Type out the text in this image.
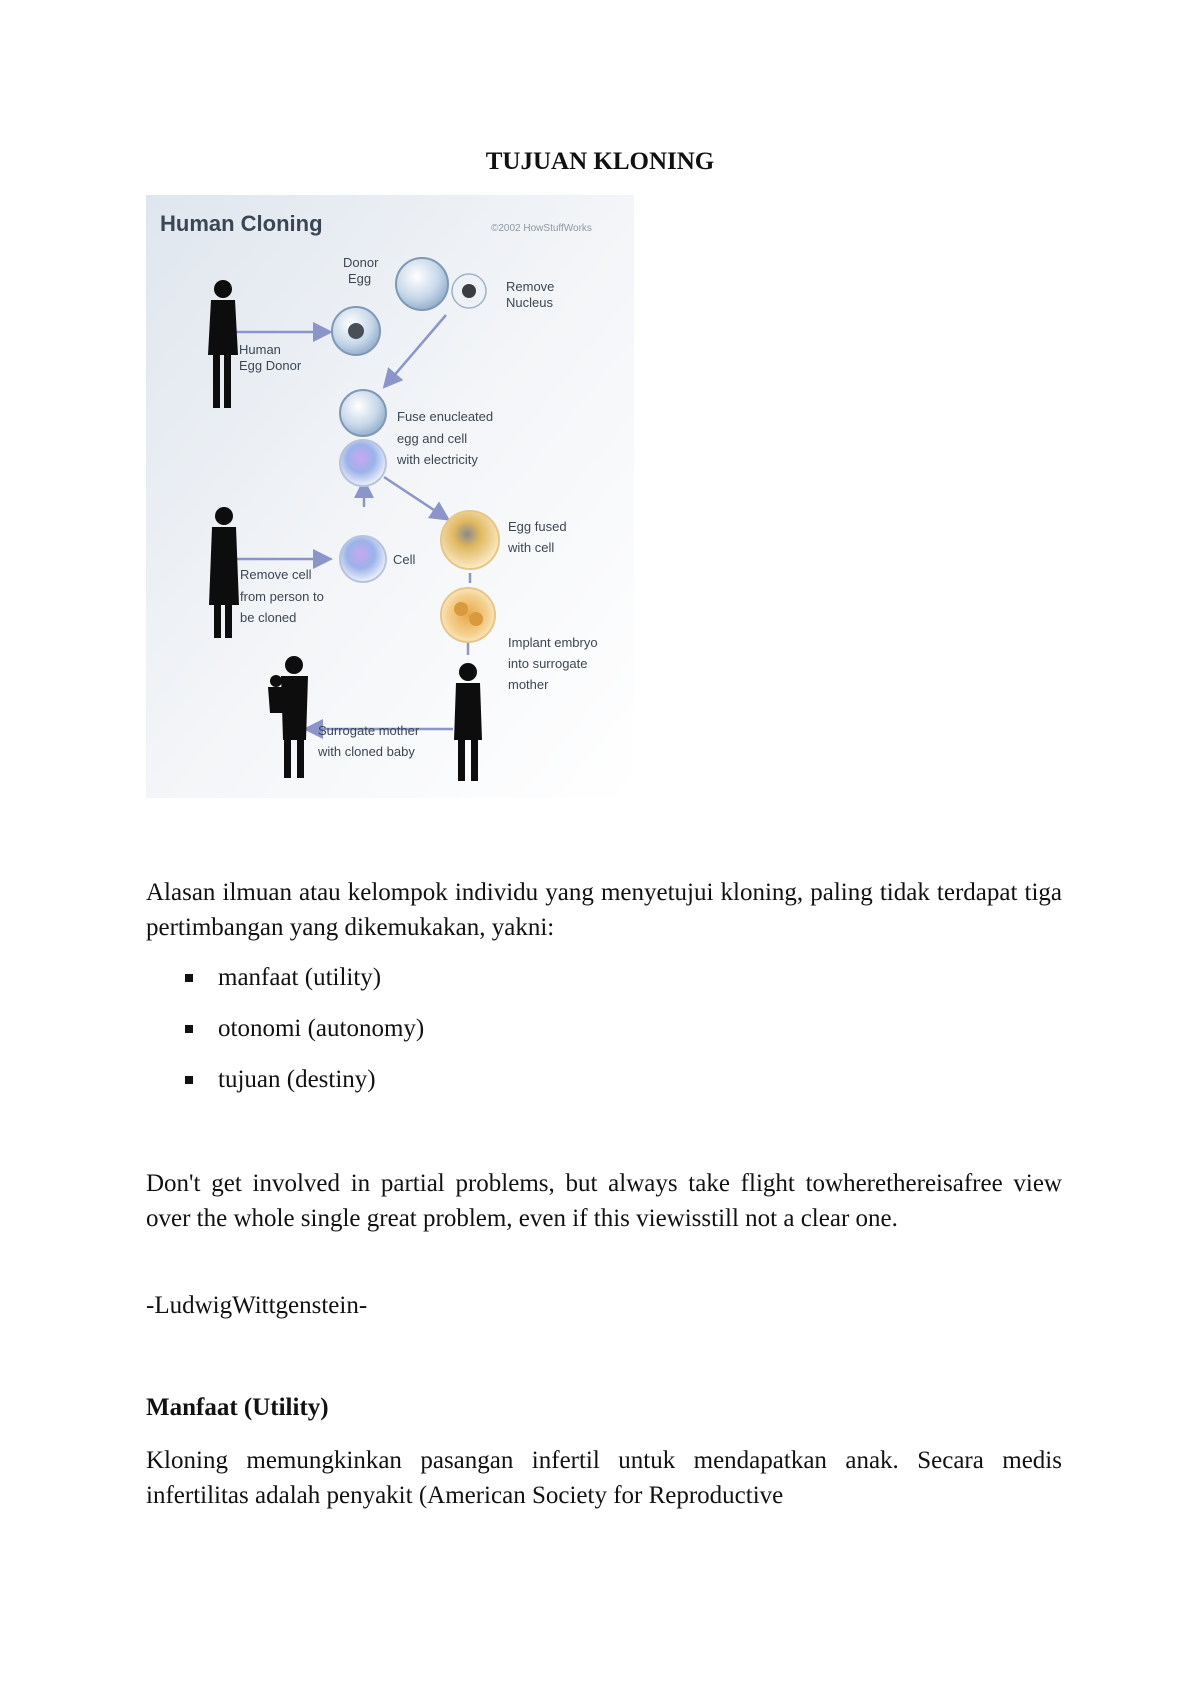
TUJUAN KLONING
Human Cloning	©2002 HowStuffWorks
Donor
Egg
Remove
Nucleus
Human
Egg Donor
Fuse enucleated
egg and cell
with electricity
Egg fused
with cell
Cell
Remove cell
from person to
be cloned
Implant embryo
into surrogate
mother
Surrogate mother
with cloned baby
Alasan ilmuan atau kelompok individu yang menyetujui kloning, paling tidak terdapat tiga pertimbangan yang dikemukakan, yakni:
manfaat (utility)
otonomi (autonomy)
tujuan (destiny)
Don't get involved in partial problems, but always take flight towherethereisafree view over the whole single great problem, even if this viewisstill not a clear one.
-LudwigWittgenstein-
Manfaat (Utility)
Kloning memungkinkan pasangan infertil untuk mendapatkan anak. Secara medis infertilitas adalah penyakit (American Society for Reproductive
